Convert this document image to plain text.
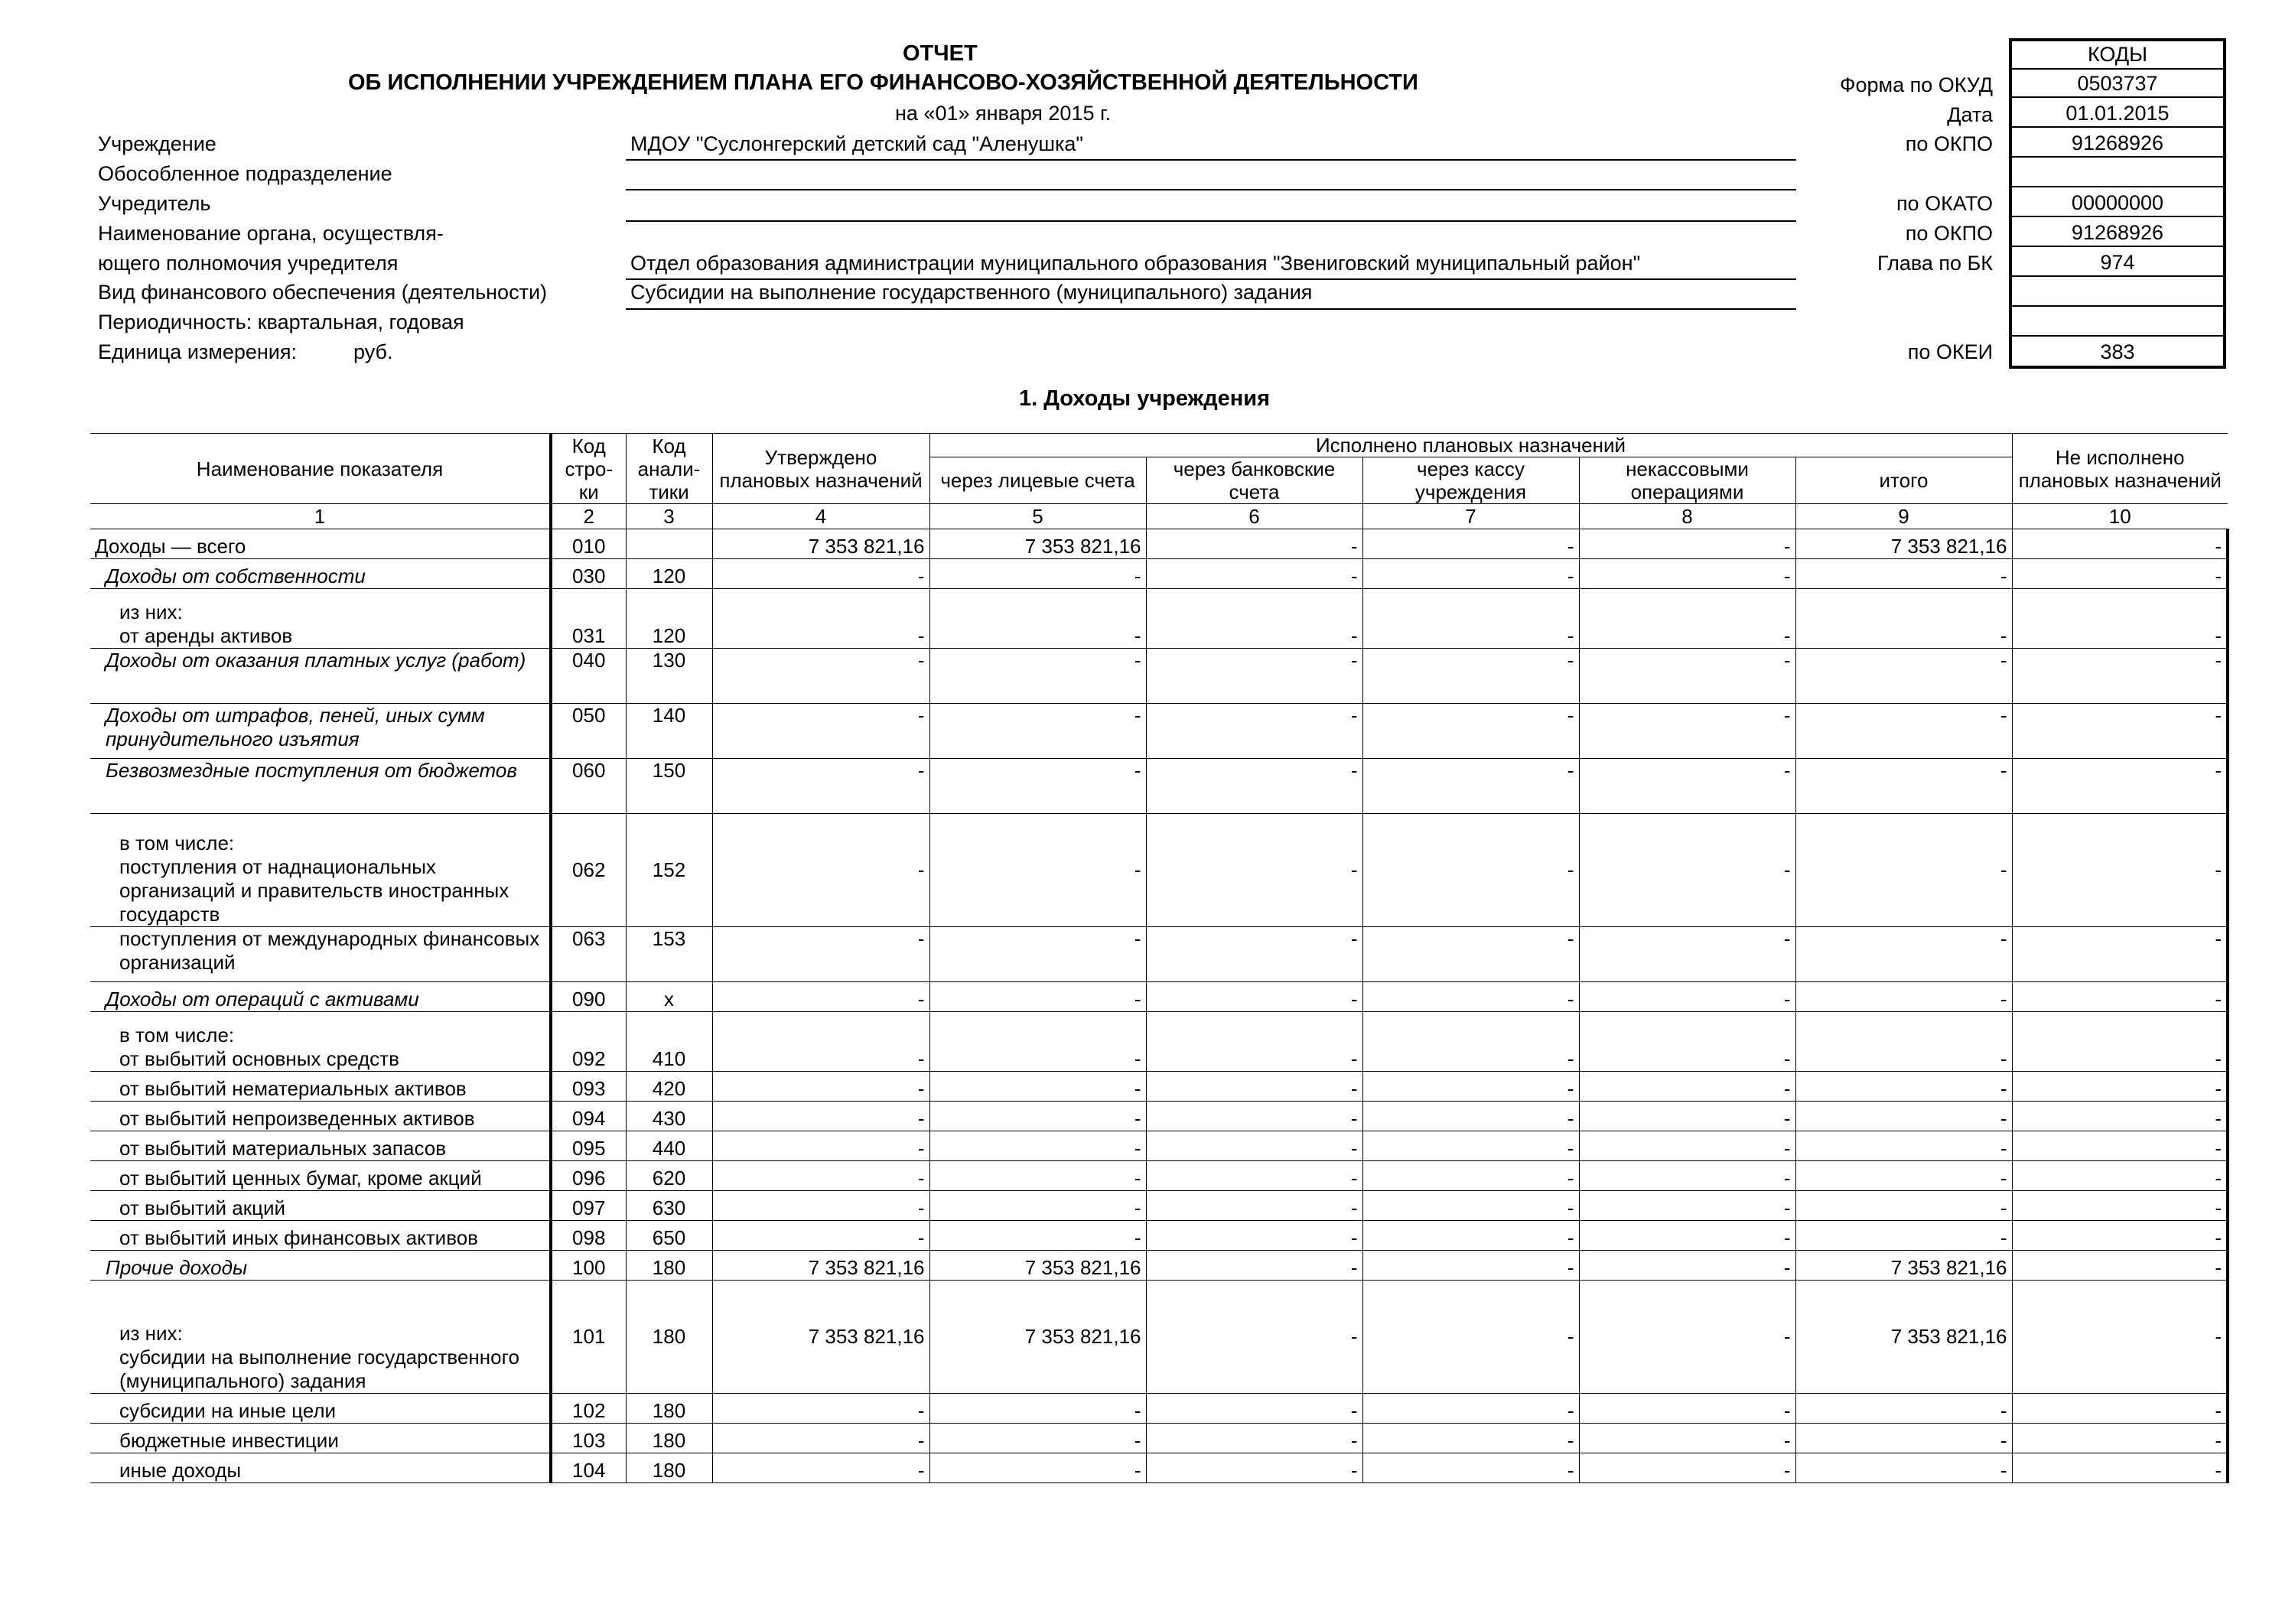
ОТЧЕТ
ОБ ИСПОЛНЕНИИ УЧРЕЖДЕНИЕМ ПЛАНА ЕГО ФИНАНСОВО-ХОЗЯЙСТВЕННОЙ ДЕЯТЕЛЬНОСТИ
на «01» января 2015 г.
Учреждение	МДОУ "Суслонгерский детский сад "Аленушка"
Обособленное подразделение
Учредитель
Наименование органа, осуществля-
ющего полномочия учредителя	Отдел образования администрации муниципального образования "Звениговский муниципальный район"
Вид финансового обеспечения (деятельности)	Субсидии на выполнение государственного (муниципального) задания
Периодичность: квартальная, годовая
Единица измерения:	руб.
Форма по ОКУД
Дата
по ОКПО
по ОКАТО
по ОКПО
Глава по БК
по ОКЕИ
КОДЫ
0503737
01.01.2015
91268926
00000000
91268926
974
383
1. Доходы учреждения
Наименование показателя	Код стро-ки	Код анали-тики	Утверждено плановых назначений	Исполнено плановых назначений					Не исполнено плановых назначений
				через лицевые счета	через банковские счета	через кассу учреждения	некассовыми операциями	итого	
1	2	3	4	5	6	7	8	9	10
Доходы — всего	010		7 353 821,16	7 353 821,16	-	-	-	7 353 821,16	-
Доходы от собственности	030	120	-	-	-	-	-	-	-
из них:
от аренды активов	031	120	-	-	-	-	-	-	-
Доходы от оказания платных услуг (работ)	040	130	-	-	-	-	-	-	-
Доходы от штрафов, пеней, иных сумм принудительного изъятия	050	140	-	-	-	-	-	-	-
Безвозмездные поступления от бюджетов	060	150	-	-	-	-	-	-	-
в том числе:
поступления от наднациональных организаций и правительств иностранных государств	062	152	-	-	-	-	-	-	-
поступления от международных финансовых организаций	063	153	-	-	-	-	-	-	-
Доходы от операций с активами	090	х	-	-	-	-	-	-	-
в том числе:
от выбытий основных средств	092	410	-	-	-	-	-	-	-
от выбытий нематериальных активов	093	420	-	-	-	-	-	-	-
от выбытий непроизведенных активов	094	430	-	-	-	-	-	-	-
от выбытий материальных запасов	095	440	-	-	-	-	-	-	-
от выбытий ценных бумаг, кроме акций	096	620	-	-	-	-	-	-	-
от выбытий акций	097	630	-	-	-	-	-	-	-
от выбытий иных финансовых активов	098	650	-	-	-	-	-	-	-
Прочие доходы	100	180	7 353 821,16	7 353 821,16	-	-	-	7 353 821,16	-
из них:
субсидии на выполнение государственного (муниципального) задания	101	180	7 353 821,16	7 353 821,16	-	-	-	7 353 821,16	-
субсидии на иные цели	102	180	-	-	-	-	-	-	-
бюджетные инвестиции	103	180	-	-	-	-	-	-	-
иные доходы	104	180	-	-	-	-	-	-	-
